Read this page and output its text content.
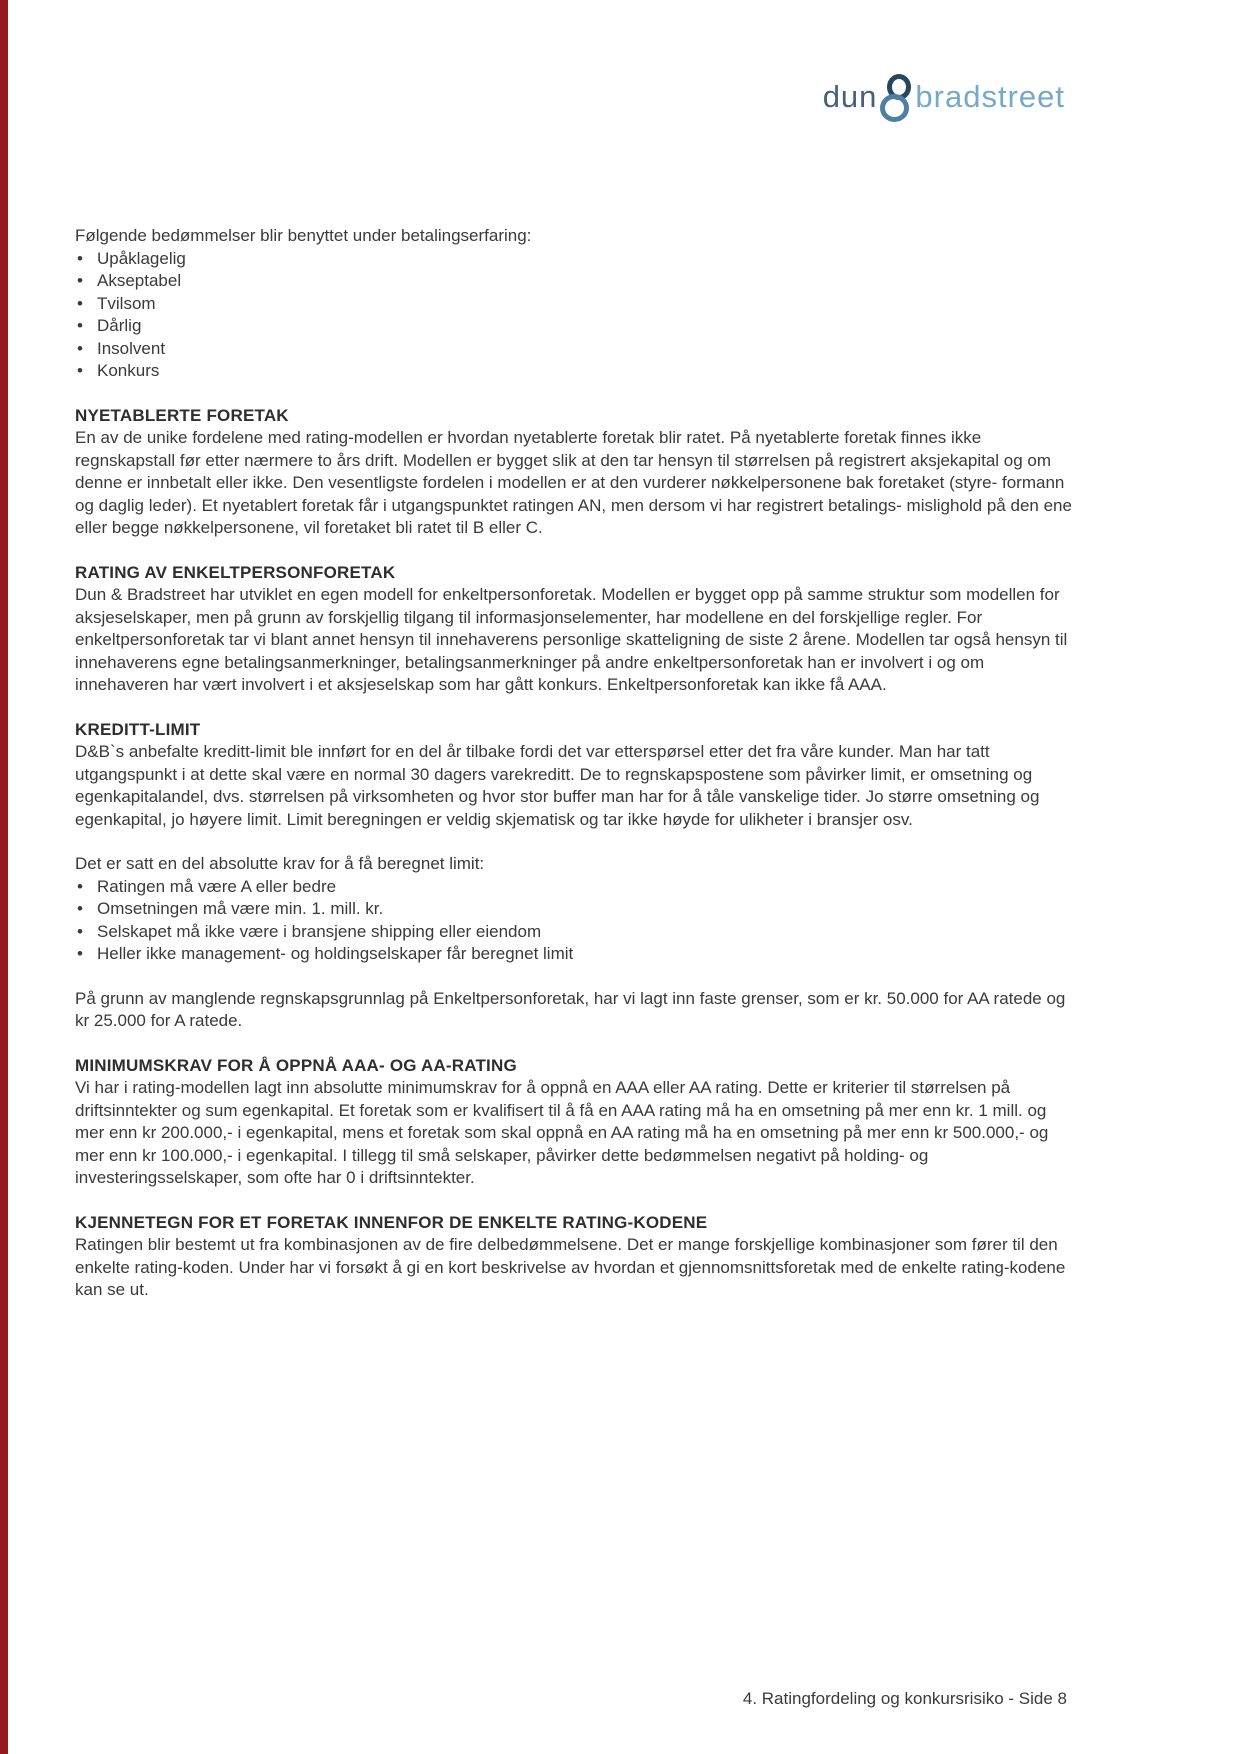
dun bradstreet

Følgende bedømmelser blir benyttet under betalingserfaring:

• Upåklagelig
• Akseptabel
• Tvilsom
• Dårlig
• Insolvent
• Konkurs
NYETABLERTE FORETAK

En av de unike fordelene med rating-modellen er hvordan nyetablerte foretak blir ratet. På nyetablerte foretak finnes ikke regnskapstall før etter nærmere to års drift. Modellen er bygget slik at den tar hensyn til størrelsen på registrert aksjekapital og om denne er innbetalt eller ikke. Den vesentligste fordelen i modellen er at den vurderer nøkkelpersonene bak foretaket (styre- formann og daglig leder). Et nyetablert foretak får i utgangspunktet ratingen AN, men dersom vi har registrert betalings- mislighold på den ene eller begge nøkkelpersonene, vil foretaket bli ratet til B eller C.

RATING AV ENKELTPERSONFORETAK

Dun & Bradstreet har utviklet en egen modell for enkeltpersonforetak. Modellen er bygget opp på samme struktur som modellen for aksjeselskaper, men på grunn av forskjellig tilgang til informasjonselementer, har modellene en del forskjellige regler. For enkeltpersonforetak tar vi blant annet hensyn til innehaverens personlige skatteligning de siste 2 årene. Modellen tar også hensyn til innehaverens egne betalingsanmerkninger, betalingsanmerkninger på andre enkeltpersonforetak han er involvert i og om innehaveren har vært involvert i et aksjeselskap som har gått konkurs. Enkeltpersonforetak kan ikke få AAA.

KREDITT-LIMIT

D&B`s anbefalte kreditt-limit ble innført for en del år tilbake fordi det var etterspørsel etter det fra våre kunder. Man har tatt utgangspunkt i at dette skal være en normal 30 dagers varekreditt. De to regnskapspostene som påvirker limit, er omsetning og egenkapitalandel, dvs. størrelsen på virksomheten og hvor stor buffer man har for å tåle vanskelige tider. Jo større omsetning og egenkapital, jo høyere limit. Limit beregningen er veldig skjematisk og tar ikke høyde for ulikheter i bransjer osv.

Det er satt en del absolutte krav for å få beregnet limit:

• Ratingen må være A eller bedre
• Omsetningen må være min. 1. mill. kr.
• Selskapet må ikke være i bransjene shipping eller eiendom
• Heller ikke management- og holdingselskaper får beregnet limit

På grunn av manglende regnskapsgrunnlag på Enkeltpersonforetak, har vi lagt inn faste grenser, som er kr. 50.000 for AA ratede og kr 25.000 for A ratede.

MINIMUMSKRAV FOR Å OPPNÅ AAA- OG AA-RATING

Vi har i rating-modellen lagt inn absolutte minimumskrav for å oppnå en AAA eller AA rating. Dette er kriterier til størrelsen på driftsinntekter og sum egenkapital. Et foretak som er kvalifisert til å få en AAA rating må ha en omsetning på mer enn kr. 1 mill. og mer enn kr 200.000,- i egenkapital, mens et foretak som skal oppnå en AA rating må ha en omsetning på mer enn kr 500.000,- og mer enn kr 100.000,- i egenkapital. I tillegg til små selskaper, påvirker dette bedømmelsen negativt på holding- og investeringsselskaper, som ofte har 0 i driftsinntekter.

KJENNETEGN FOR ET FORETAK INNENFOR DE ENKELTE RATING-KODENE

Ratingen blir bestemt ut fra kombinasjonen av de fire delbedømmelsene. Det er mange forskjellige kombinasjoner som fører til den enkelte rating-koden. Under har vi forsøkt å gi en kort beskrivelse av hvordan et gjennomsnittsforetak med de enkelte rating-kodene kan se ut.

4. Ratingfordeling og konkursrisiko - Side 8
